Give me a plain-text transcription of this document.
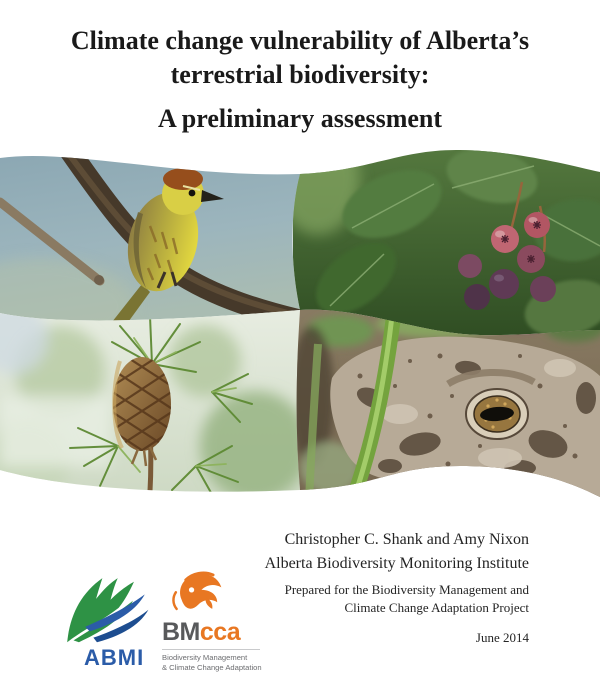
Climate change vulnerability of Alberta’s
terrestrial biodiversity:
A preliminary assessment
ABMI
BMcca
Biodiversity Management
& Climate Change Adaptation
Christopher C. Shank and Amy Nixon
Alberta Biodiversity Monitoring Institute
Prepared for the Biodiversity Management and
Climate Change Adaptation Project
June 2014
